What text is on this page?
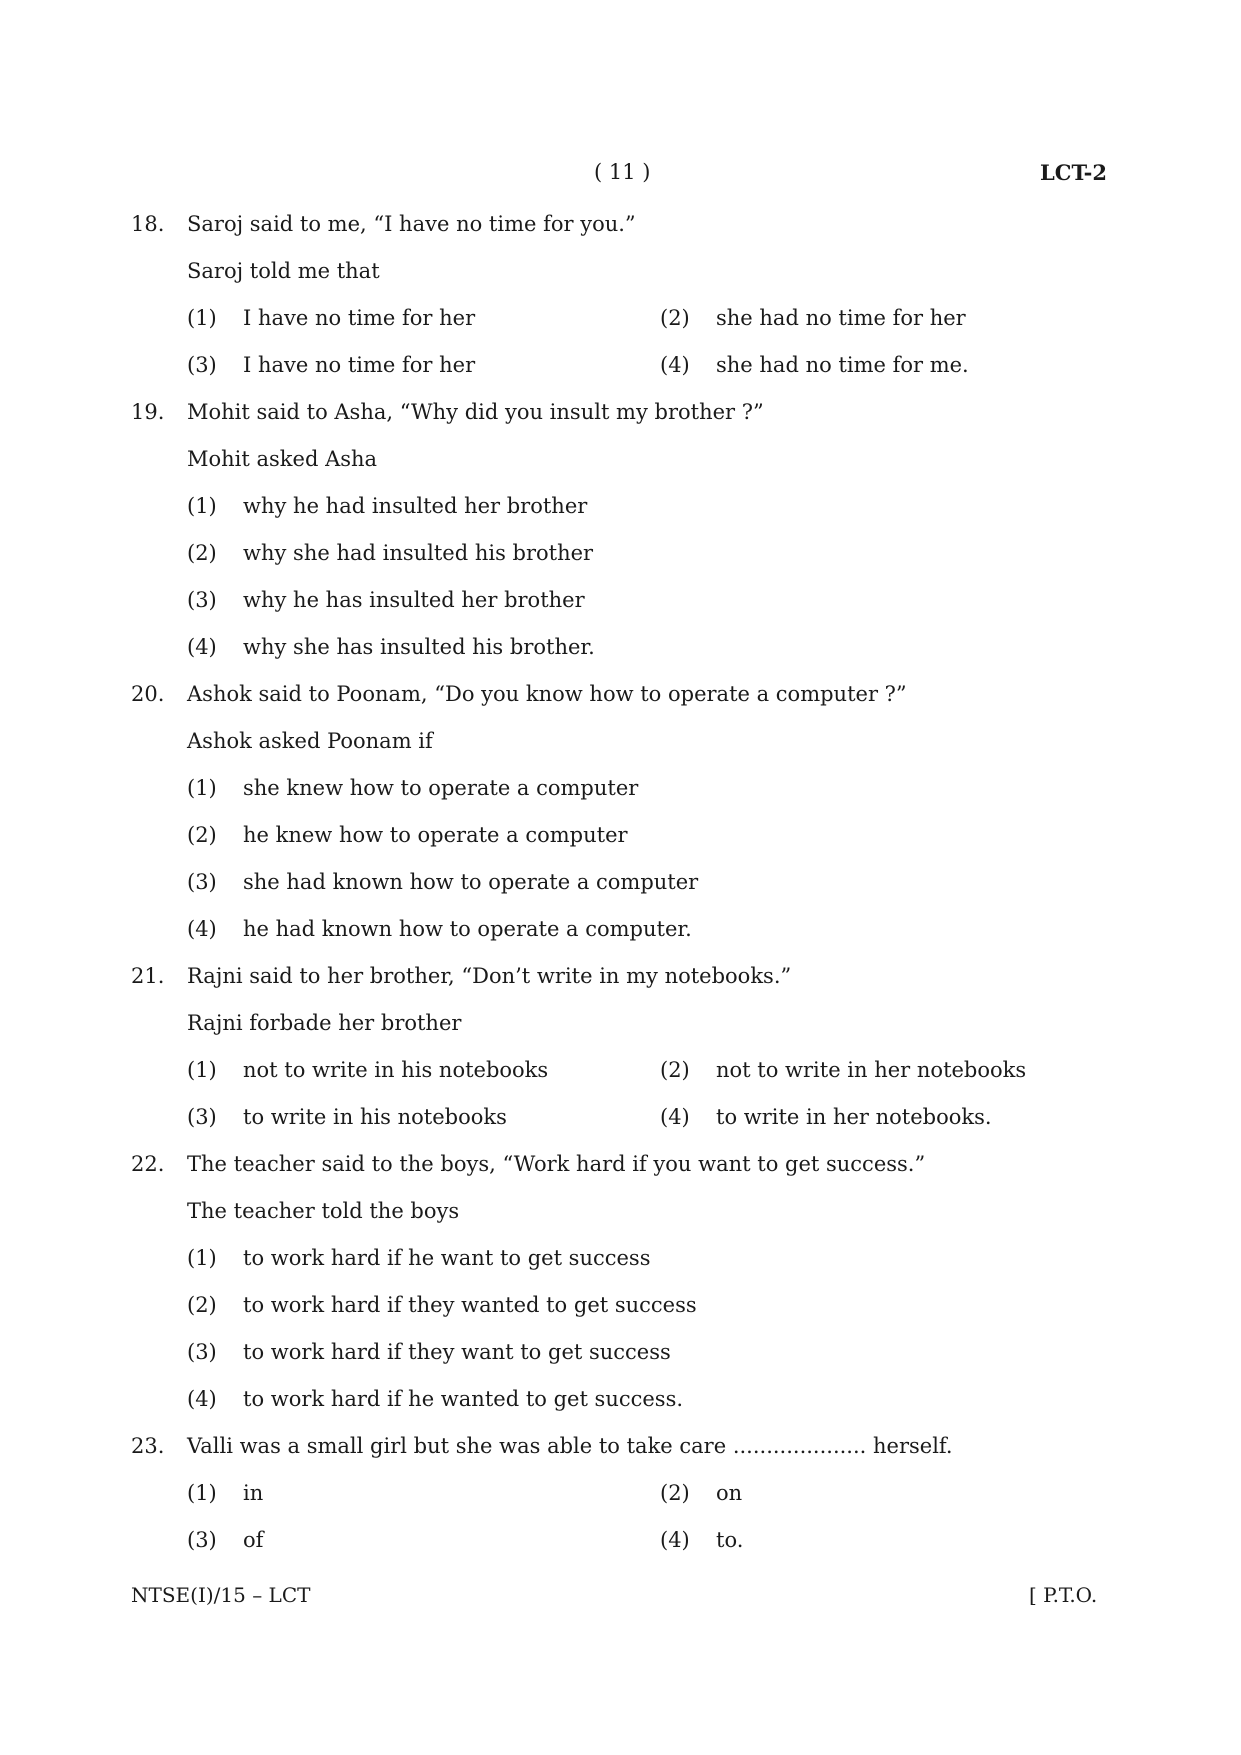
( 11 )	LCT-2
18. Saroj said to me, “I have no time for you.”
Saroj told me that
(1) I have no time for her	(2) she had no time for her
(3) I have no time for her	(4) she had no time for me.
19. Mohit said to Asha, “Why did you insult my brother ?”
Mohit asked Asha
(1) why he had insulted her brother
(2) why she had insulted his brother
(3) why he has insulted her brother
(4) why she has insulted his brother.
20. Ashok said to Poonam, “Do you know how to operate a computer ?”
Ashok asked Poonam if
(1) she knew how to operate a computer
(2) he knew how to operate a computer
(3) she had known how to operate a computer
(4) he had known how to operate a computer.
21. Rajni said to her brother, “Don’t write in my notebooks.”
Rajni forbade her brother
(1) not to write in his notebooks	(2) not to write in her notebooks
(3) to write in his notebooks	(4) to write in her notebooks.
22. The teacher said to the boys, “Work hard if you want to get success.”
The teacher told the boys
(1) to work hard if he want to get success
(2) to work hard if they wanted to get success
(3) to work hard if they want to get success
(4) to work hard if he wanted to get success.
23. Valli was a small girl but she was able to take care .................... herself.
(1) in	(2) on
(3) of	(4) to.
NTSE(I)/15 – LCT	[ P.T.O.
